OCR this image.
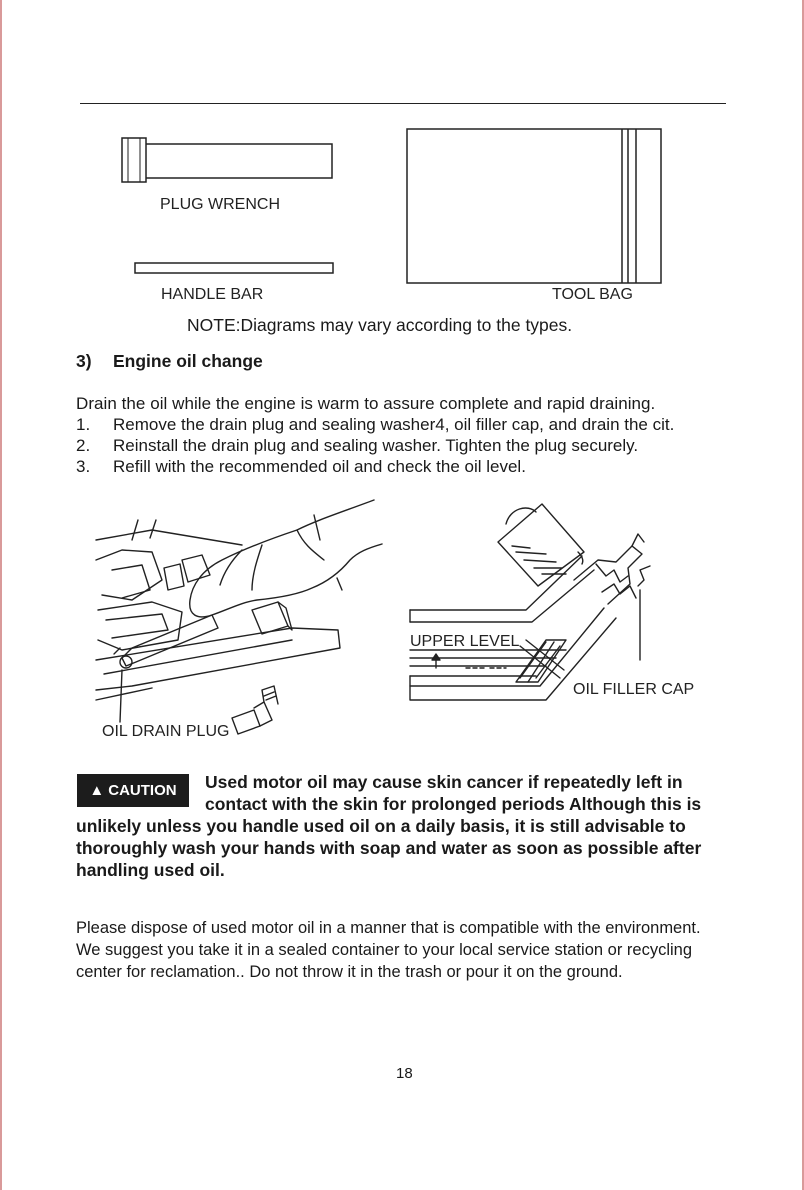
PLUG WRENCH
HANDLE BAR	TOOL BAG
NOTE:Diagrams may vary according to the types.
3) Engine oil change
Drain the oil while the engine is warm to assure complete and rapid draining.
1.	Remove the drain plug and sealing washer4, oil filler cap, and drain the cit.
2.	Reinstall the drain plug and sealing washer. Tighten the plug securely.
3.	Refill with the recommended oil and check the oil level.
OIL DRAIN PLUG
UPPER LEVEL
OIL FILLER CAP
▲ CAUTION Used motor oil may cause skin cancer if repeatedly left in
contact with the skin for prolonged periods Although this is
unlikely unless you handle used oil on a daily basis, it is still advisable to
thoroughly wash your hands with soap and water as soon as possible after
handling used oil.
Please dispose of used motor oil in a manner that is compatible with the environment.
We suggest you take it in a sealed container to your local service station or recycling
center for reclamation.. Do not throw it in the trash or pour it on the ground.
18
